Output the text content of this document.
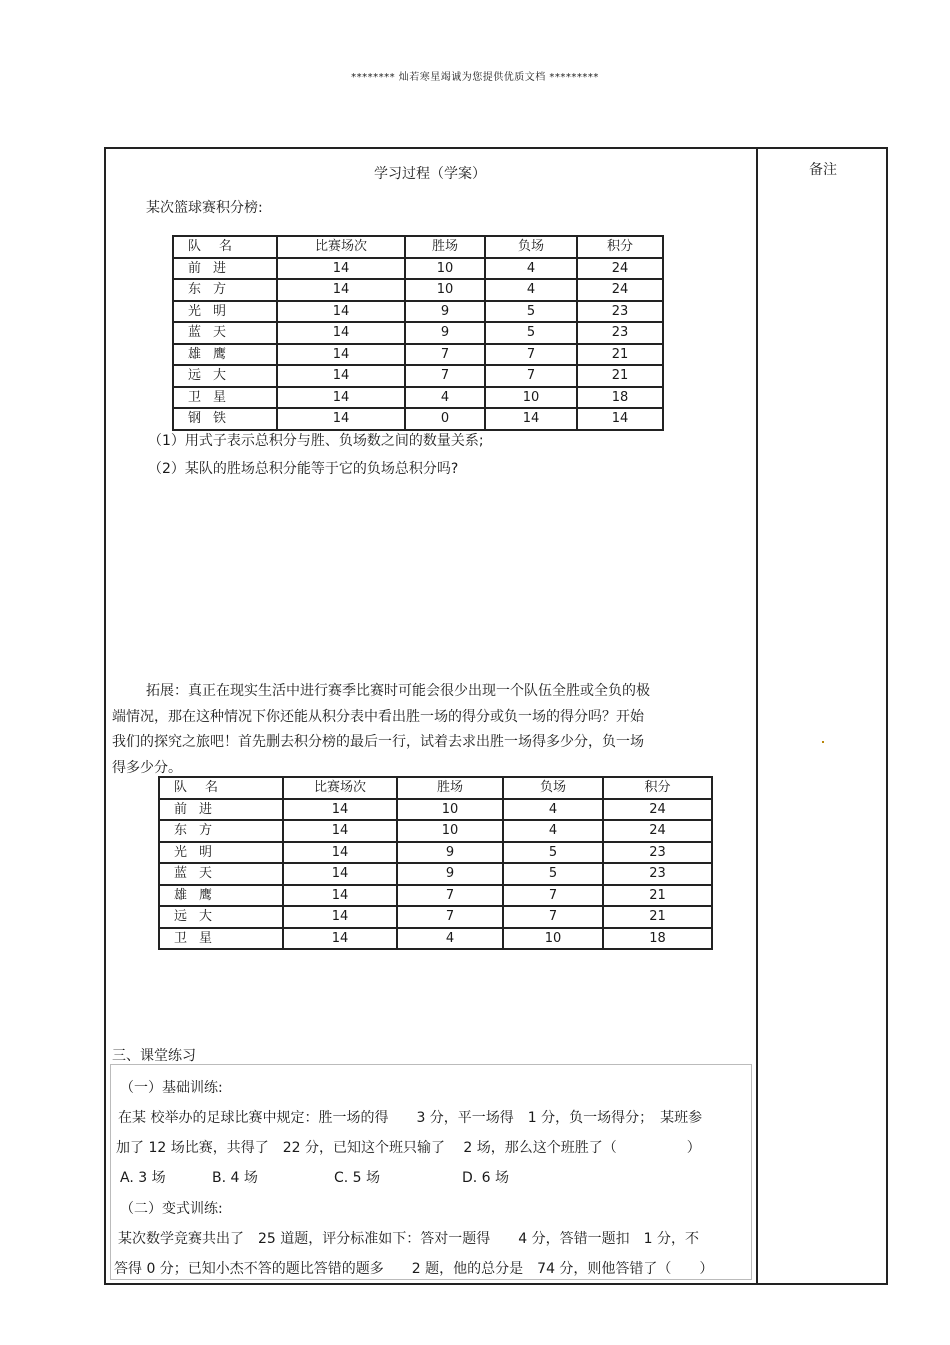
******** 灿若寒星竭诚为您提供优质文档 *********
学习过程（学案）	备注
某次篮球赛积分榜:
队名	比赛场次	胜场	负场	积分
前进	14	10	4	24
东方	14	10	4	24
光明	14	9	5	23
蓝天	14	9	5	23
雄鹰	14	7	7	21
远大	14	7	7	21
卫星	14	4	10	18
钢铁	14	0	14	14
（1）用式子表示总积分与胜、负场数之间的数量关系;
（2）某队的胜场总积分能等于它的负场总积分吗?
拓展：真正在现实生活中进行赛季比赛时可能会很少出现一个队伍全胜或全负的极
端情况，那在这种情况下你还能从积分表中看出胜一场的得分或负一场的得分吗？开始
我们的探究之旅吧！首先删去积分榜的最后一行，试着去求出胜一场得多少分，负一场
得多少分。
队名	比赛场次	胜场	负场	积分
前进	14	10	4	24
东方	14	10	4	24
光明	14	9	5	23
蓝天	14	9	5	23
雄鹰	14	7	7	21
远大	14	7	7	21
卫星	14	4	10	18
三、课堂练习
（一）基础训练:
在某 校举办的足球比赛中规定：胜一场的得　　3 分，平一场得　1 分，负一场得分；　某班参
加了 12 场比赛，共得了　22 分，已知这个班只输了　 2 场，那么这个班胜了（　　　　　）
A. 3 场	B. 4 场	C. 5 场	D. 6 场
（二）变式训练:
某次数学竞赛共出了　25 道题，评分标准如下：答对一题得　　4 分，答错一题扣　1 分，不
答得 0 分；已知小杰不答的题比答错的题多　　2 题，他的总分是　74 分，则他答错了（　　）
